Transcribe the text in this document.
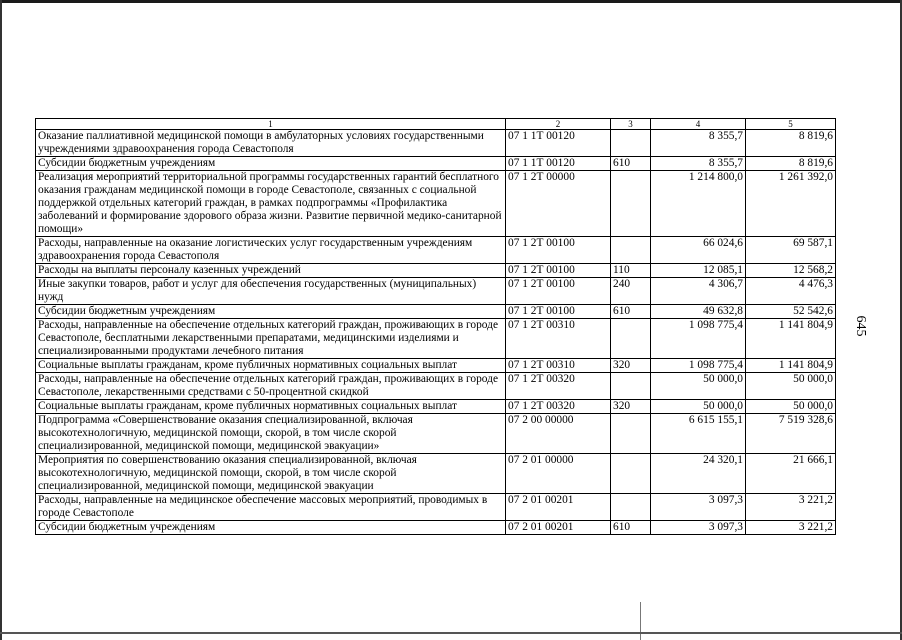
1	2	3	4	5
Оказание паллиативной медицинской помощи в амбулаторных условиях государственными учреждениями здравоохранения города Севастополя	07 1 1Т 00120		8 355,7	8 819,6
Субсидии бюджетным учреждениям	07 1 1Т 00120	610	8 355,7	8 819,6
Реализация мероприятий территориальной программы государственных гарантий бесплатного оказания гражданам медицинской помощи в городе Севастополе, связанных с социальной поддержкой отдельных категорий граждан, в рамках подпрограммы «Профилактика заболеваний и формирование здорового образа жизни. Развитие первичной медико-санитарной помощи»	07 1 2Т 00000		1 214 800,0	1 261 392,0
Расходы, направленные на оказание логистических услуг государственным учреждениям здравоохранения города Севастополя	07 1 2Т 00100		66 024,6	69 587,1
Расходы на выплаты персоналу казенных учреждений	07 1 2Т 00100	110	12 085,1	12 568,2
Иные закупки товаров, работ и услуг для обеспечения государственных (муниципальных) нужд	07 1 2Т 00100	240	4 306,7	4 476,3
Субсидии бюджетным учреждениям	07 1 2Т 00100	610	49 632,8	52 542,6
Расходы, направленные на обеспечение отдельных категорий граждан, проживающих в городе Севастополе, бесплатными лекарственными препаратами, медицинскими изделиями и специализированными продуктами лечебного питания	07 1 2Т 00310		1 098 775,4	1 141 804,9
Социальные выплаты гражданам, кроме публичных нормативных социальных выплат	07 1 2Т 00310	320	1 098 775,4	1 141 804,9
Расходы, направленные на обеспечение отдельных категорий граждан, проживающих в городе Севастополе, лекарственными средствами с 50-процентной скидкой	07 1 2Т 00320		50 000,0	50 000,0
Социальные выплаты гражданам, кроме публичных нормативных социальных выплат	07 1 2Т 00320	320	50 000,0	50 000,0
Подпрограмма «Совершенствование оказания специализированной, включая высокотехнологичную, медицинской помощи, скорой, в том числе скорой специализированной, медицинской помощи, медицинской эвакуации»	07 2 00 00000		6 615 155,1	7 519 328,6
Мероприятия по совершенствованию оказания специализированной, включая высокотехнологичную, медицинской помощи, скорой, в том числе скорой специализированной, медицинской помощи, медицинской эвакуации	07 2 01 00000		24 320,1	21 666,1
Расходы, направленные на медицинское обеспечение массовых мероприятий, проводимых в городе Севастополе	07 2 01 00201		3 097,3	3 221,2
Субсидии бюджетным учреждениям	07 2 01 00201	610	3 097,3	3 221,2
645
